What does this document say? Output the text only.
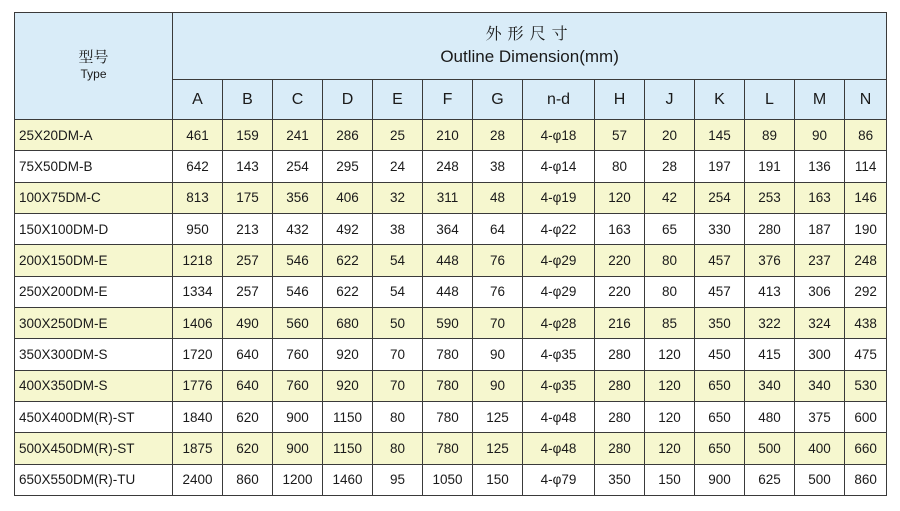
型号
Type	外形尺寸
Outline Dimension(mm)													

	A	B	C	D	E	F	G	n-d	H	J	K	L	M	N
25X20DM-A	461	159	241	286	25	210	28	4-φ18	57	20	145	89	90	86
75X50DM-B	642	143	254	295	24	248	38	4-φ14	80	28	197	191	136	114
100X75DM-C	813	175	356	406	32	311	48	4-φ19	120	42	254	253	163	146
150X100DM-D	950	213	432	492	38	364	64	4-φ22	163	65	330	280	187	190
200X150DM-E	1218	257	546	622	54	448	76	4-φ29	220	80	457	376	237	248
250X200DM-E	1334	257	546	622	54	448	76	4-φ29	220	80	457	413	306	292
300X250DM-E	1406	490	560	680	50	590	70	4-φ28	216	85	350	322	324	438
350X300DM-S	1720	640	760	920	70	780	90	4-φ35	280	120	450	415	300	475
400X350DM-S	1776	640	760	920	70	780	90	4-φ35	280	120	650	340	340	530
450X400DM(R)-ST	1840	620	900	1150	80	780	125	4-φ48	280	120	650	480	375	600
500X450DM(R)-ST	1875	620	900	1150	80	780	125	4-φ48	280	120	650	500	400	660
650X550DM(R)-TU	2400	860	1200	1460	95	1050	150	4-φ79	350	150	900	625	500	860
